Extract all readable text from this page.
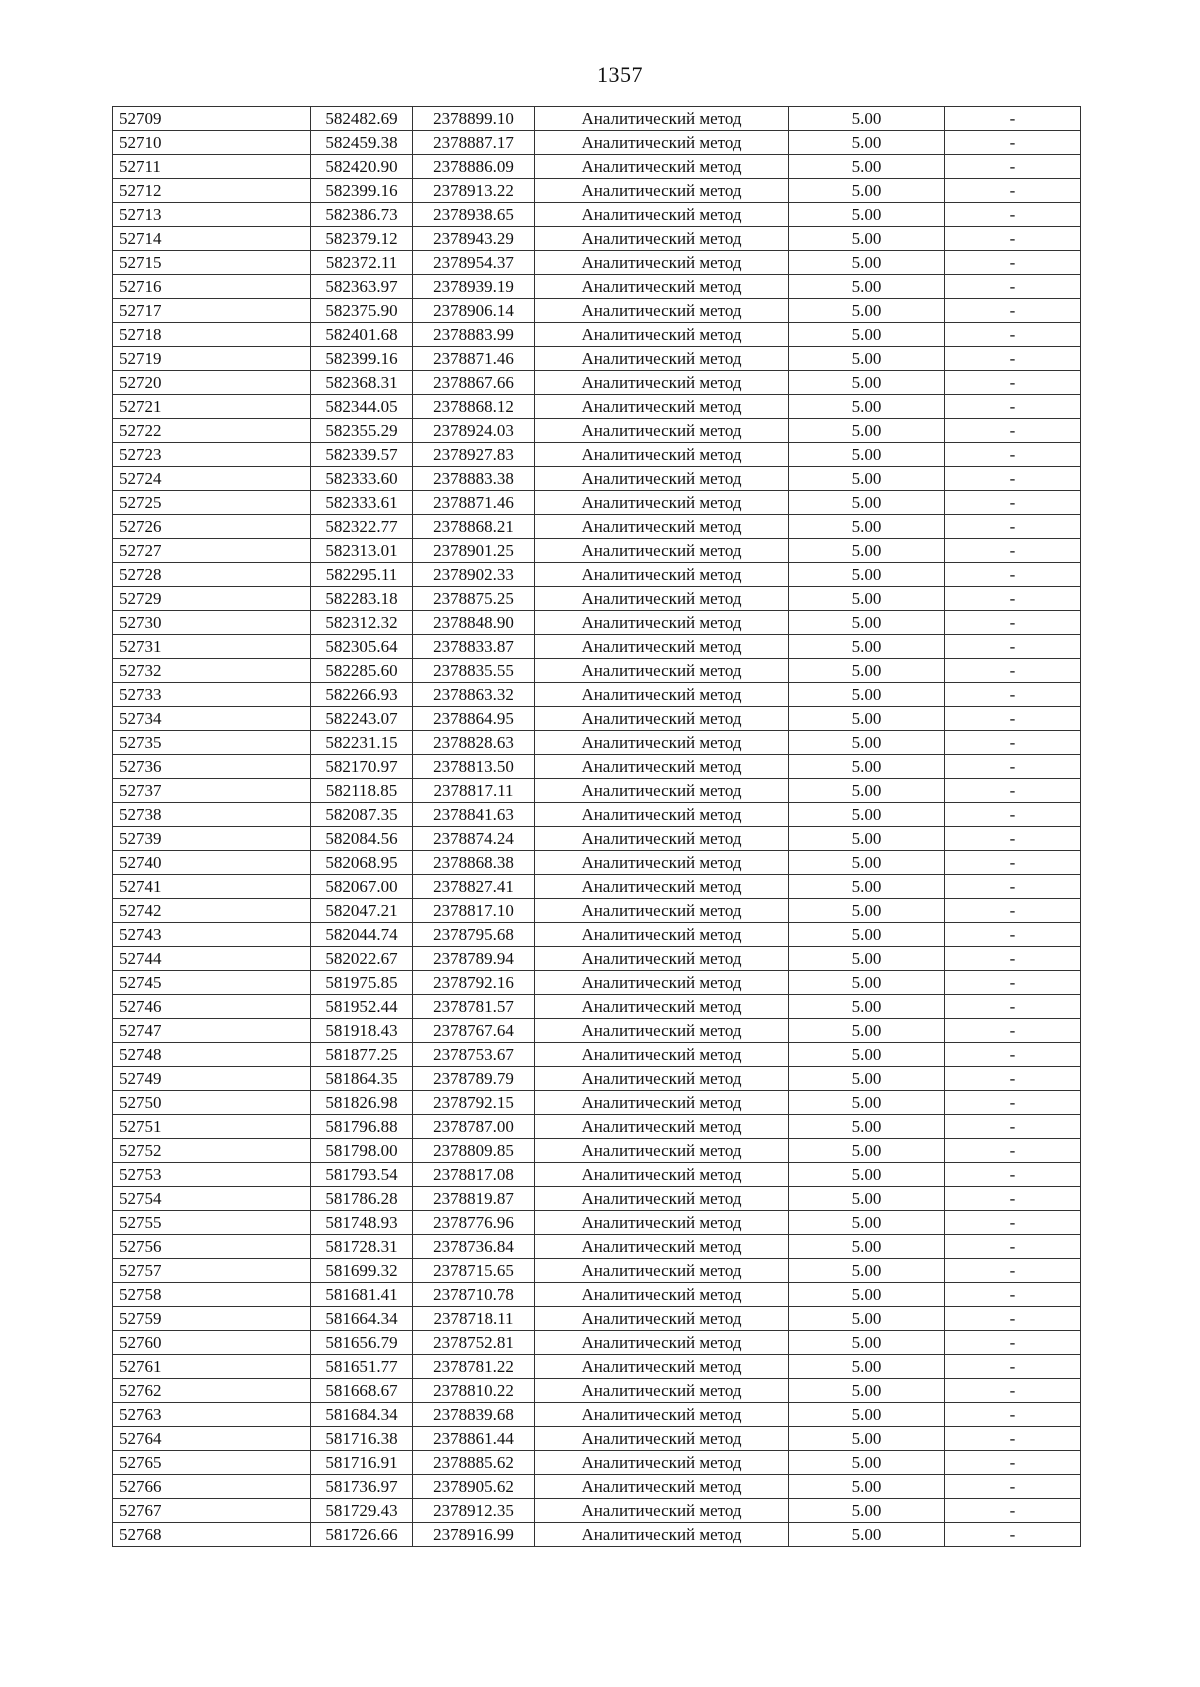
1357
52709	582482.69	2378899.10	Аналитический метод	5.00	-
52710	582459.38	2378887.17	Аналитический метод	5.00	-
52711	582420.90	2378886.09	Аналитический метод	5.00	-
52712	582399.16	2378913.22	Аналитический метод	5.00	-
52713	582386.73	2378938.65	Аналитический метод	5.00	-
52714	582379.12	2378943.29	Аналитический метод	5.00	-
52715	582372.11	2378954.37	Аналитический метод	5.00	-
52716	582363.97	2378939.19	Аналитический метод	5.00	-
52717	582375.90	2378906.14	Аналитический метод	5.00	-
52718	582401.68	2378883.99	Аналитический метод	5.00	-
52719	582399.16	2378871.46	Аналитический метод	5.00	-
52720	582368.31	2378867.66	Аналитический метод	5.00	-
52721	582344.05	2378868.12	Аналитический метод	5.00	-
52722	582355.29	2378924.03	Аналитический метод	5.00	-
52723	582339.57	2378927.83	Аналитический метод	5.00	-
52724	582333.60	2378883.38	Аналитический метод	5.00	-
52725	582333.61	2378871.46	Аналитический метод	5.00	-
52726	582322.77	2378868.21	Аналитический метод	5.00	-
52727	582313.01	2378901.25	Аналитический метод	5.00	-
52728	582295.11	2378902.33	Аналитический метод	5.00	-
52729	582283.18	2378875.25	Аналитический метод	5.00	-
52730	582312.32	2378848.90	Аналитический метод	5.00	-
52731	582305.64	2378833.87	Аналитический метод	5.00	-
52732	582285.60	2378835.55	Аналитический метод	5.00	-
52733	582266.93	2378863.32	Аналитический метод	5.00	-
52734	582243.07	2378864.95	Аналитический метод	5.00	-
52735	582231.15	2378828.63	Аналитический метод	5.00	-
52736	582170.97	2378813.50	Аналитический метод	5.00	-
52737	582118.85	2378817.11	Аналитический метод	5.00	-
52738	582087.35	2378841.63	Аналитический метод	5.00	-
52739	582084.56	2378874.24	Аналитический метод	5.00	-
52740	582068.95	2378868.38	Аналитический метод	5.00	-
52741	582067.00	2378827.41	Аналитический метод	5.00	-
52742	582047.21	2378817.10	Аналитический метод	5.00	-
52743	582044.74	2378795.68	Аналитический метод	5.00	-
52744	582022.67	2378789.94	Аналитический метод	5.00	-
52745	581975.85	2378792.16	Аналитический метод	5.00	-
52746	581952.44	2378781.57	Аналитический метод	5.00	-
52747	581918.43	2378767.64	Аналитический метод	5.00	-
52748	581877.25	2378753.67	Аналитический метод	5.00	-
52749	581864.35	2378789.79	Аналитический метод	5.00	-
52750	581826.98	2378792.15	Аналитический метод	5.00	-
52751	581796.88	2378787.00	Аналитический метод	5.00	-
52752	581798.00	2378809.85	Аналитический метод	5.00	-
52753	581793.54	2378817.08	Аналитический метод	5.00	-
52754	581786.28	2378819.87	Аналитический метод	5.00	-
52755	581748.93	2378776.96	Аналитический метод	5.00	-
52756	581728.31	2378736.84	Аналитический метод	5.00	-
52757	581699.32	2378715.65	Аналитический метод	5.00	-
52758	581681.41	2378710.78	Аналитический метод	5.00	-
52759	581664.34	2378718.11	Аналитический метод	5.00	-
52760	581656.79	2378752.81	Аналитический метод	5.00	-
52761	581651.77	2378781.22	Аналитический метод	5.00	-
52762	581668.67	2378810.22	Аналитический метод	5.00	-
52763	581684.34	2378839.68	Аналитический метод	5.00	-
52764	581716.38	2378861.44	Аналитический метод	5.00	-
52765	581716.91	2378885.62	Аналитический метод	5.00	-
52766	581736.97	2378905.62	Аналитический метод	5.00	-
52767	581729.43	2378912.35	Аналитический метод	5.00	-
52768	581726.66	2378916.99	Аналитический метод	5.00	-
